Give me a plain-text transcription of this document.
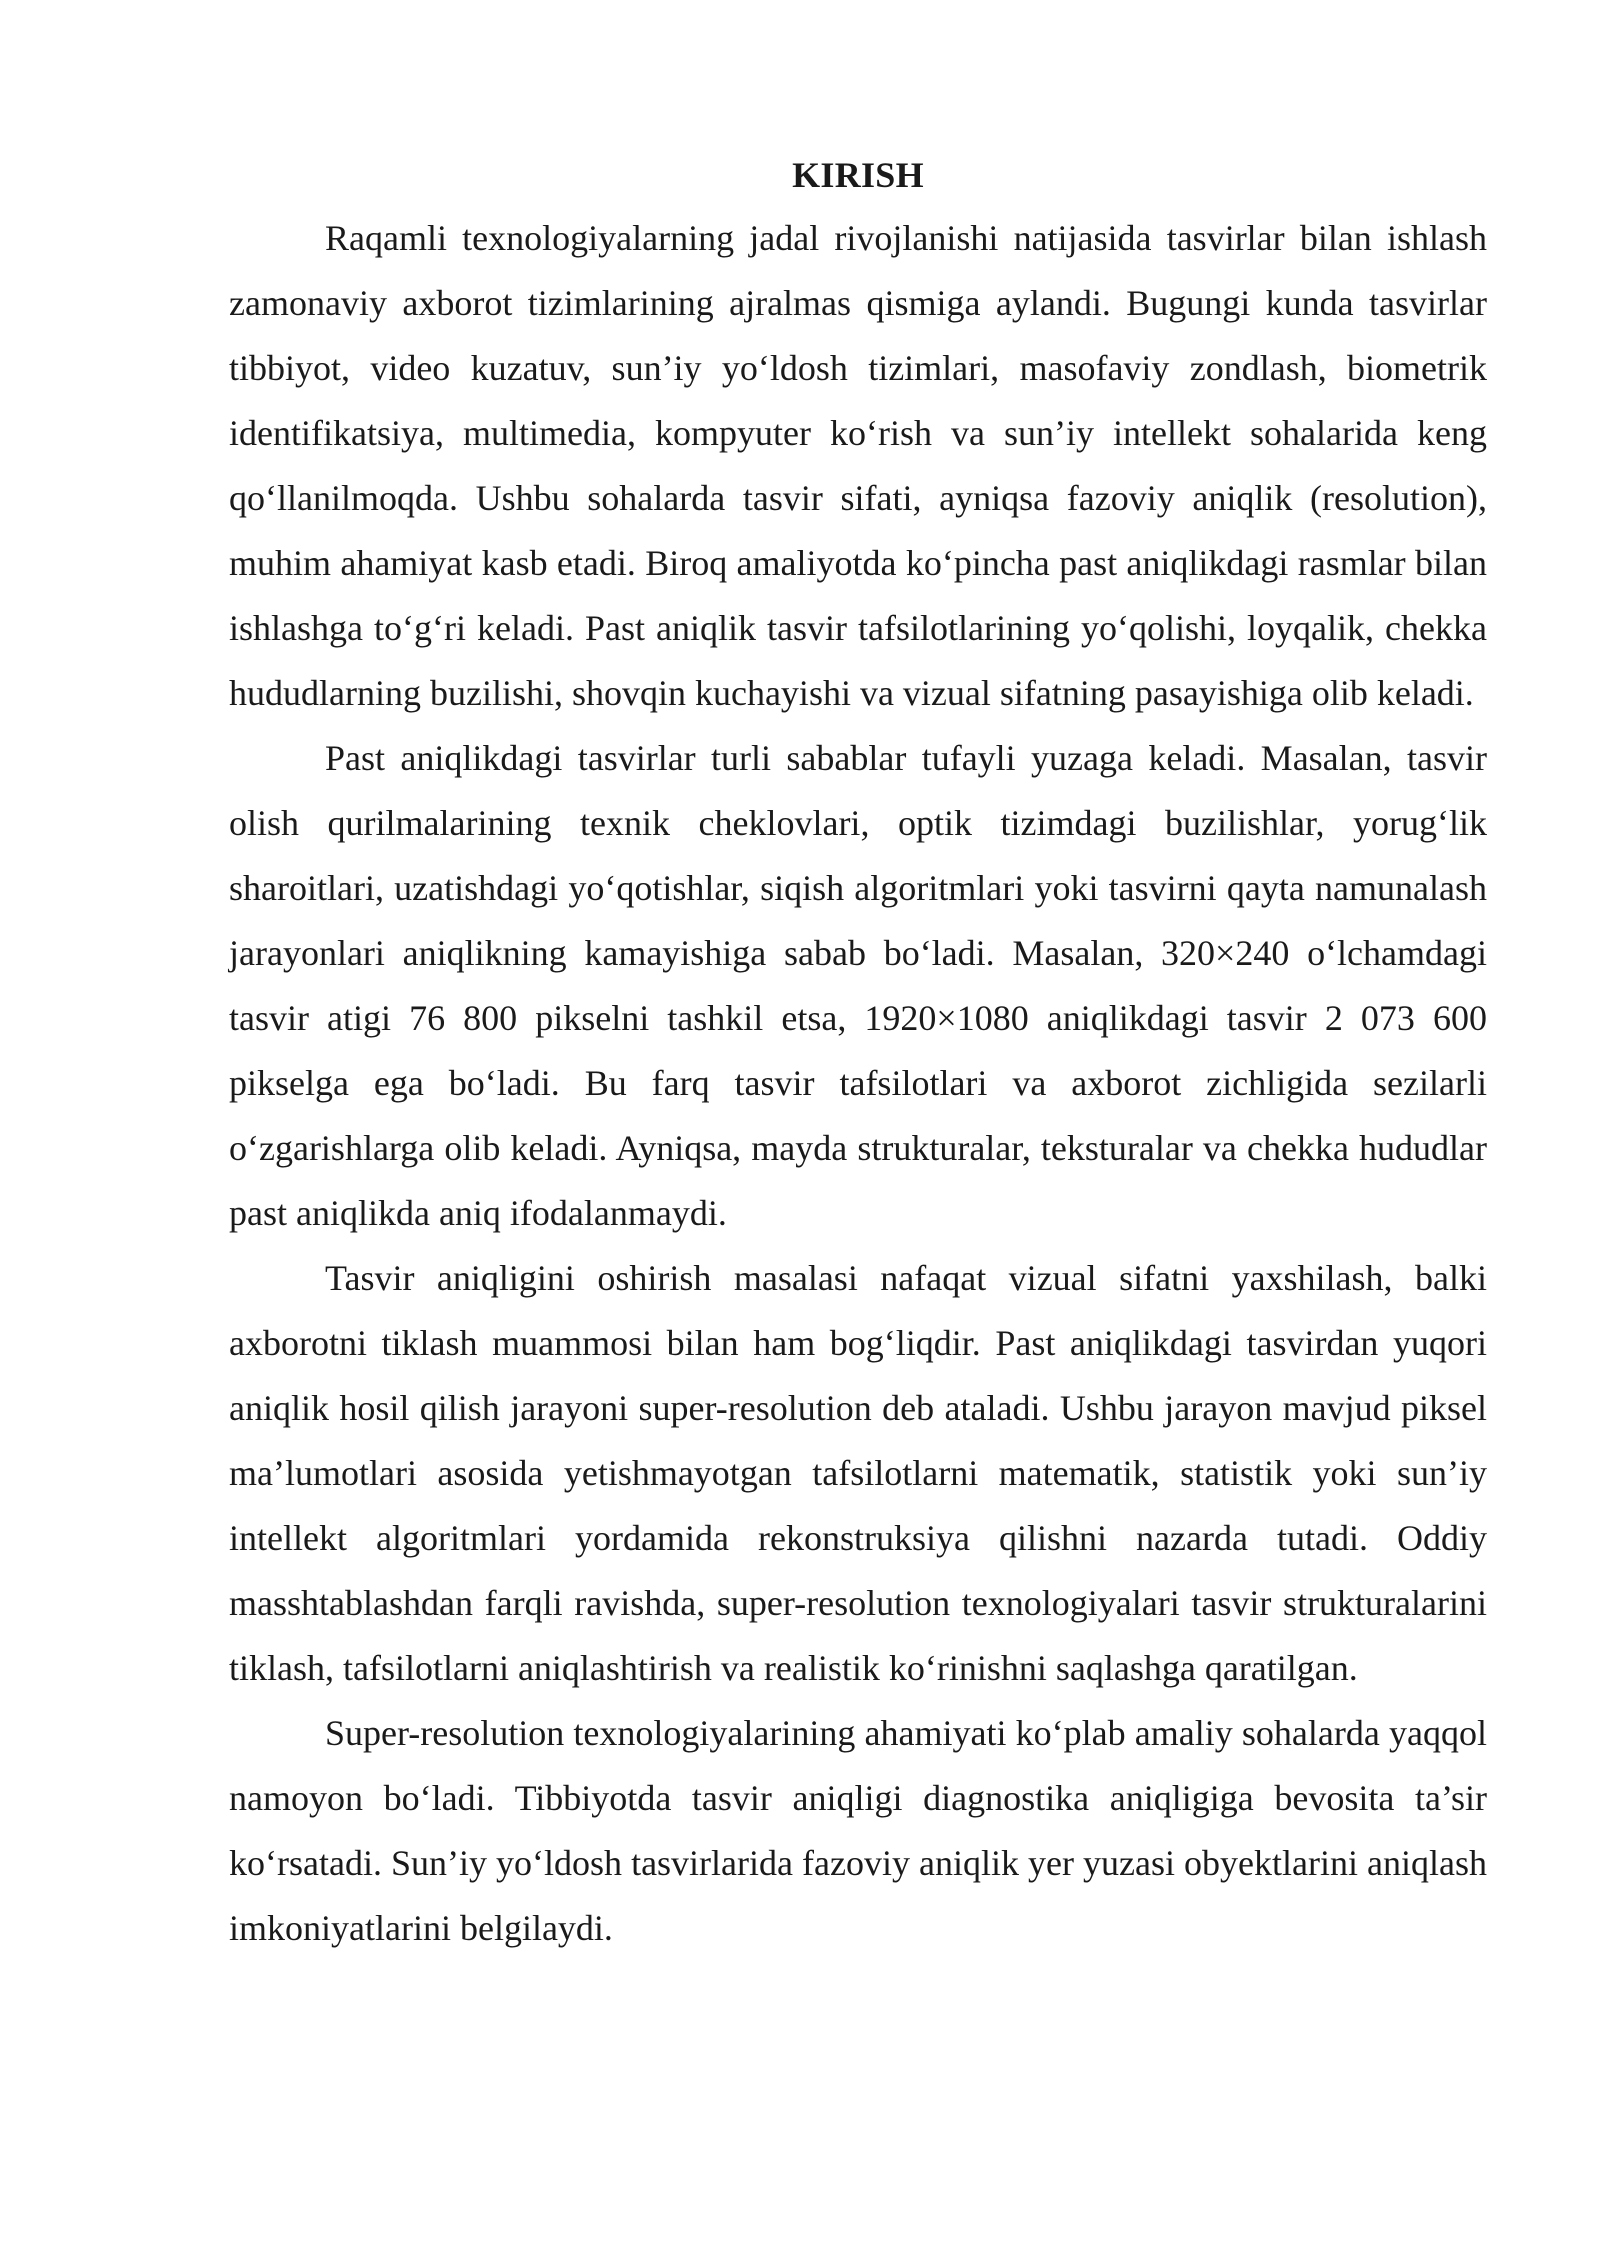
KIRISH

Raqamli texnologiyalarning jadal rivojlanishi natijasida tasvirlar bilan ishlash zamonaviy axborot tizimlarining ajralmas qismiga aylandi. Bugungi kunda tasvirlar tibbiyot, video kuzatuv, sun’iy yo‘ldosh tizimlari, masofaviy zondlash, biometrik identifikatsiya, multimedia, kompyuter ko‘rish va sun’iy intellekt sohalarida keng qo‘llanilmoqda. Ushbu sohalarda tasvir sifati, ayniqsa fazoviy aniqlik (resolution), muhim ahamiyat kasb etadi. Biroq amaliyotda ko‘pincha past aniqlikdagi rasmlar bilan ishlashga to‘g‘ri keladi. Past aniqlik tasvir tafsilotlarining yo‘qolishi, loyqalik, chekka hududlarning buzilishi, shovqin kuchayishi va vizual sifatning pasayishiga olib keladi.

Past aniqlikdagi tasvirlar turli sabablar tufayli yuzaga keladi. Masalan, tasvir olish qurilmalarining texnik cheklovlari, optik tizimdagi buzilishlar, yorug‘lik sharoitlari, uzatishdagi yo‘qotishlar, siqish algoritmlari yoki tasvirni qayta namunalash jarayonlari aniqlikning kamayishiga sabab bo‘ladi. Masalan, 320×240 o‘lchamdagi tasvir atigi 76 800 pikselni tashkil etsa, 1920×1080 aniqlikdagi tasvir 2 073 600 pikselga ega bo‘ladi. Bu farq tasvir tafsilotlari va axborot zichligida sezilarli o‘zgarishlarga olib keladi. Ayniqsa, mayda strukturalar, teksturalar va chekka hududlar past aniqlikda aniq ifodalanmaydi.

Tasvir aniqligini oshirish masalasi nafaqat vizual sifatni yaxshilash, balki axborotni tiklash muammosi bilan ham bog‘liqdir. Past aniqlikdagi tasvirdan yuqori aniqlik hosil qilish jarayoni super-resolution deb ataladi. Ushbu jarayon mavjud piksel ma’lumotlari asosida yetishmayotgan tafsilotlarni matematik, statistik yoki sun’iy intellekt algoritmlari yordamida rekonstruksiya qilishni nazarda tutadi. Oddiy masshtablashdan farqli ravishda, super-resolution texnologiyalari tasvir strukturalarini tiklash, tafsilotlarni aniqlashtirish va realistik ko‘rinishni saqlashga qaratilgan.

Super-resolution texnologiyalarining ahamiyati ko‘plab amaliy sohalarda yaqqol namoyon bo‘ladi. Tibbiyotda tasvir aniqligi diagnostika aniqligiga bevosita ta’sir ko‘rsatadi. Sun’iy yo‘ldosh tasvirlarida fazoviy aniqlik yer yuzasi obyektlarini aniqlash imkoniyatlarini belgilaydi.
